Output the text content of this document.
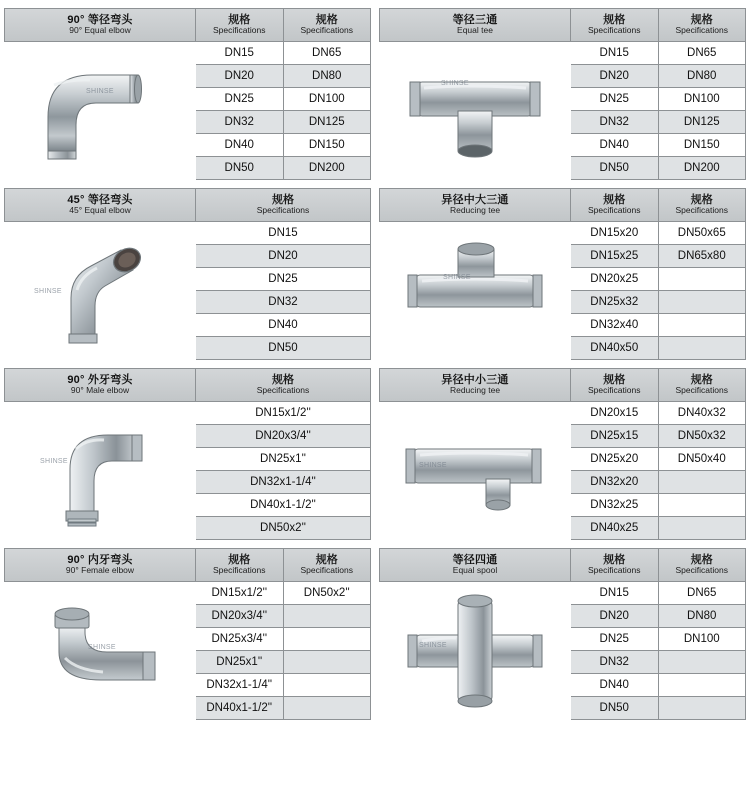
90° 等径弯头
90° Equal elbow
SHINSE
规格
Specifications
DN15
DN20
DN25
DN32
DN40
DN50
规格
Specifications
DN65
DN80
DN100
DN125
DN150
DN200
等径三通
Equal tee
SHINSE
规格
Specifications
DN15
DN20
DN25
DN32
DN40
DN50
规格
Specifications
DN65
DN80
DN100
DN125
DN150
DN200
45° 等径弯头
45° Equal elbow
SHINSE
规格
Specifications
DN15
DN20
DN25
DN32
DN40
DN50
异径中大三通
Reducing tee
SHINSE
规格
Specifications
DN15x20
DN15x25
DN20x25
DN25x32
DN32x40
DN40x50
规格
Specifications
DN50x65
DN65x80
90° 外牙弯头
90° Male elbow
SHINSE
规格
Specifications
DN15x1/2''
DN20x3/4''
DN25x1''
DN32x1-1/4''
DN40x1-1/2''
DN50x2''
异径中小三通
Reducing tee
SHINSE
规格
Specifications
DN20x15
DN25x15
DN25x20
DN32x20
DN32x25
DN40x25
规格
Specifications
DN40x32
DN50x32
DN50x40
90° 内牙弯头
90° Female elbow
SHINSE
规格
Specifications
DN15x1/2''
DN20x3/4''
DN25x3/4''
DN25x1''
DN32x1-1/4''
DN40x1-1/2''
规格
Specifications
DN50x2''
等径四通
Equal spool
SHINSE
规格
Specifications
DN15
DN20
DN25
DN32
DN40
DN50
规格
Specifications
DN65
DN80
DN100
